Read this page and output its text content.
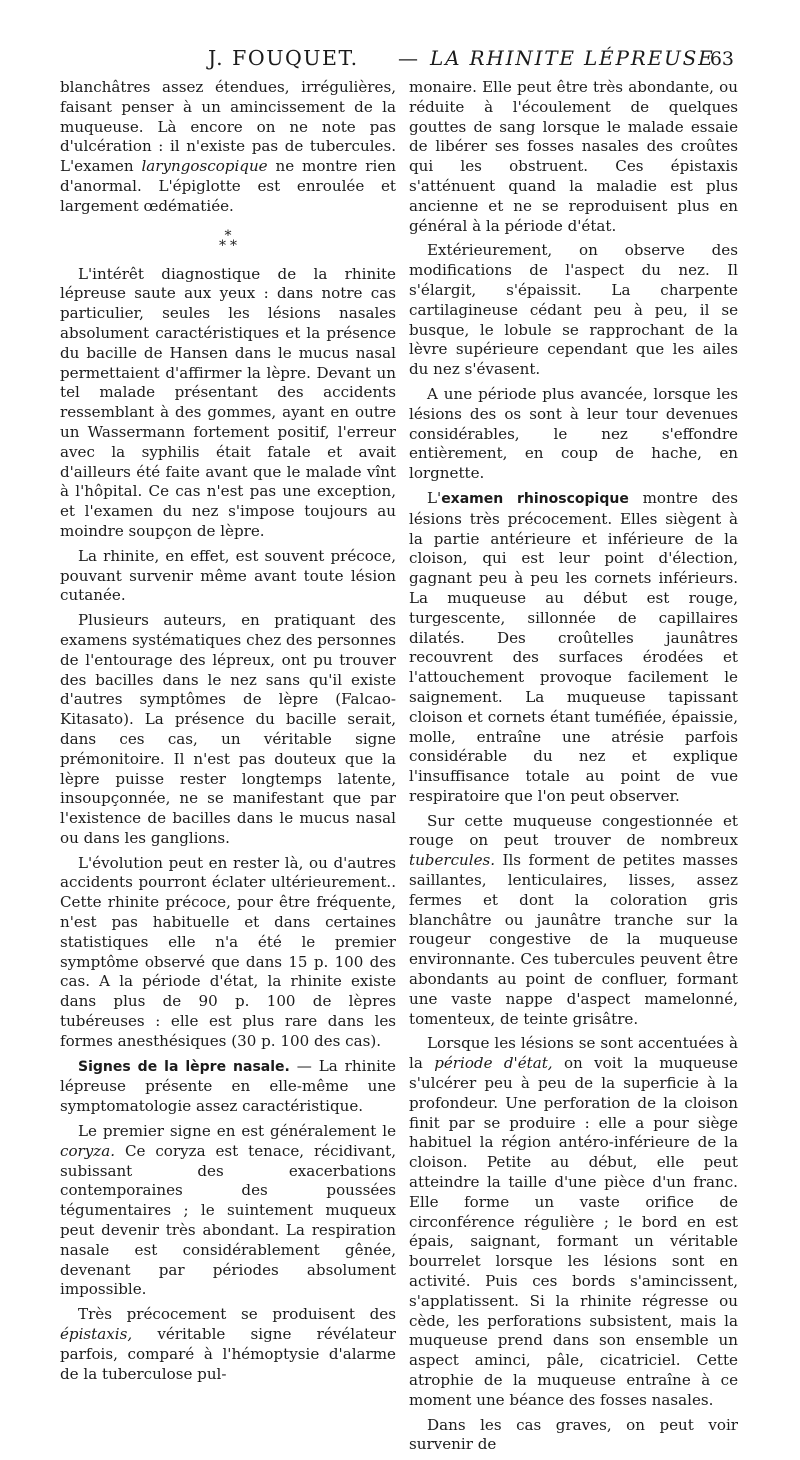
J. FOUQUET. — LA RHINITE LÉPREUSE
63

blanchâtres assez étendues, irrégulières, faisant penser à un amincissement de la muqueuse. Là encore on ne note pas d'ulcération : il n'existe pas de tubercules. L'examen laryngoscopique ne montre rien d'anormal. L'épiglotte est enroulée et largement œdématiée.

*
* *

L'intérêt diagnostique de la rhinite lépreuse saute aux yeux : dans notre cas particulier, seules les lésions nasales absolument caractéristiques et la présence du bacille de Hansen dans le mucus nasal permettaient d'affirmer la lèpre. Devant un tel malade présentant des accidents ressemblant à des gommes, ayant en outre un Wassermann fortement positif, l'erreur avec la syphilis était fatale et avait d'ailleurs été faite avant que le malade vînt à l'hôpital. Ce cas n'est pas une exception, et l'examen du nez s'impose toujours au moindre soupçon de lèpre.

La rhinite, en effet, est souvent précoce, pouvant survenir même avant toute lésion cutanée.

Plusieurs auteurs, en pratiquant des examens systématiques chez des personnes de l'entourage des lépreux, ont pu trouver des bacilles dans le nez sans qu'il existe d'autres symptômes de lèpre (Falcao-Kitasato). La présence du bacille serait, dans ces cas, un véritable signe prémonitoire. Il n'est pas douteux que la lèpre puisse rester longtemps latente, insoupçonnée, ne se manifestant que par l'existence de bacilles dans le mucus nasal ou dans les ganglions.

L'évolution peut en rester là, ou d'autres accidents pourront éclater ultérieurement.. Cette rhinite précoce, pour être fréquente, n'est pas habituelle et dans certaines statistiques elle n'a été le premier symptôme observé que dans 15 p. 100 des cas. A la période d'état, la rhinite existe dans plus de 90 p. 100 de lèpres tubéreuses : elle est plus rare dans les formes anesthésiques (30 p. 100 des cas).

Signes de la lèpre nasale. — La rhinite lépreuse présente en elle-même une symptomatologie assez caractéristique.

Le premier signe en est généralement le coryza. Ce coryza est tenace, récidivant, subissant des exacerbations contemporaines des poussées tégumentaires ; le suintement muqueux peut devenir très abondant. La respiration nasale est considérablement gênée, devenant par périodes absolument impossible.

Très précocement se produisent des épistaxis, véritable signe révélateur parfois, comparé à l'hémoptysie d'alarme de la tuberculose pul-

monaire. Elle peut être très abondante, ou réduite à l'écoulement de quelques gouttes de sang lorsque le malade essaie de libérer ses fosses nasales des croûtes qui les obstruent. Ces épistaxis s'atténuent quand la maladie est plus ancienne et ne se reproduisent plus en général à la période d'état.

Extérieurement, on observe des modifications de l'aspect du nez. Il s'élargit, s'épaissit. La charpente cartilagineuse cédant peu à peu, il se busque, le lobule se rapprochant de la lèvre supérieure cependant que les ailes du nez s'évasent.

A une période plus avancée, lorsque les lésions des os sont à leur tour devenues considérables, le nez s'effondre entièrement, en coup de hache, en lorgnette.

L'examen rhinoscopique montre des lésions très précocement. Elles siègent à la partie antérieure et inférieure de la cloison, qui est leur point d'élection, gagnant peu à peu les cornets inférieurs. La muqueuse au début est rouge, turgescente, sillonnée de capillaires dilatés. Des croûtelles jaunâtres recouvrent des surfaces érodées et l'attouchement provoque facilement le saignement. La muqueuse tapissant cloison et cornets étant tuméfiée, épaissie, molle, entraîne une atrésie parfois considérable du nez et explique l'insuffisance totale au point de vue respiratoire que l'on peut observer.

Sur cette muqueuse congestionnée et rouge on peut trouver de nombreux tubercules. Ils forment de petites masses saillantes, lenticulaires, lisses, assez fermes et dont la coloration gris blanchâtre ou jaunâtre tranche sur la rougeur congestive de la muqueuse environnante. Ces tubercules peuvent être abondants au point de confluer, formant une vaste nappe d'aspect mamelonné, tomenteux, de teinte grisâtre.

Lorsque les lésions se sont accentuées à la période d'état, on voit la muqueuse s'ulcérer peu à peu de la superficie à la profondeur. Une perforation de la cloison finit par se produire : elle a pour siège habituel la région antéro-inférieure de la cloison. Petite au début, elle peut atteindre la taille d'une pièce d'un franc. Elle forme un vaste orifice de circonférence régulière ; le bord en est épais, saignant, formant un véritable bourrelet lorsque les lésions sont en activité. Puis ces bords s'amincissent, s'applatissent. Si la rhinite régresse ou cède, les perforations subsistent, mais la muqueuse prend dans son ensemble un aspect aminci, pâle, cicatriciel. Cette atrophie de la muqueuse entraîne à ce moment une béance des fosses nasales.

Dans les cas graves, on peut voir survenir de
